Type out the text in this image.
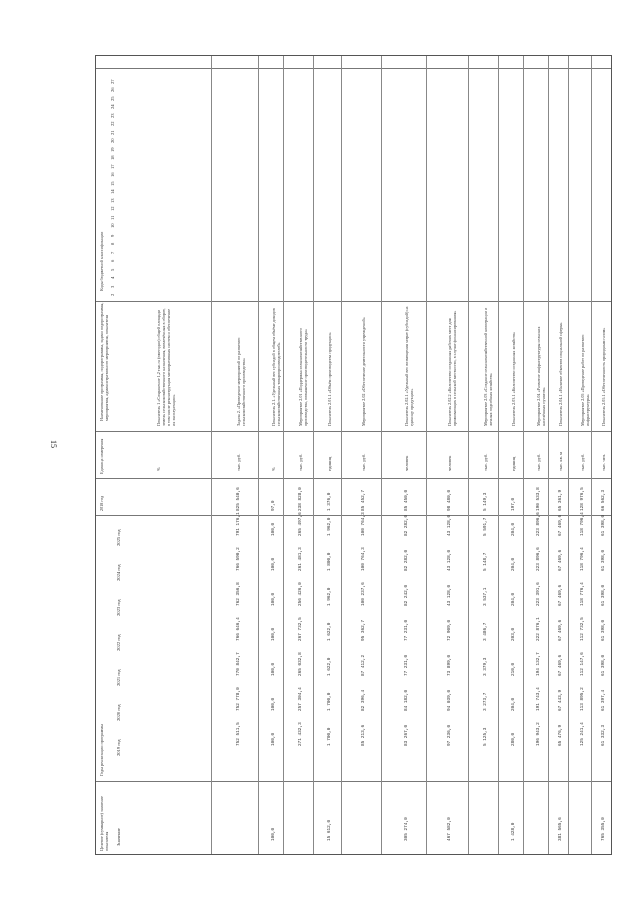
15
Коды бюджетной классификации
Наименование программы, подпрограммы, задачи подпрограммы, мероприятия, административного мероприятия, показателя
Единица измерения
2018 год
Годы реализации программы
Целевое (суммарное) значение показателя
2019 год
2020 год
2021 год
2022 год
2023 год
2024 год
2025 год
Значение
Показатель 1 «Сохранение 1,2 тыс.га (ежегодно) общей площади земель сельскохозяйственного назначения, вовлечённых в оборот, в том числе реконструкция мелиоративных систем и обеспечение их эксплуатации»
%
Задача 2. «Проведение мероприятий по развитию сельскохозяйственного производства»
тыс. руб.
825 540,6
752 511,5
752 778,0
770 842,7
766 646,4
762 356,8
766 590,2
791 176,1
Показатель 2.1. «Удельный вес субсидий в общем объёме доходов сельскохозяйственных товаропроизводителей»
%
97,0
100,0
100,0
100,0
100,0
100,0
100,0
100,0
100,0
Мероприятие 2.01 «Поддержка сельскохозяйственного производства, повышение производительности труда»
тыс. руб.
238 828,0
271 432,3
257 304,4
265 032,8
267 732,5
256 426,0
261 481,3
265 497,6
Показатель 2.01.1 «Объём производства продукции»
единиц
1 376,0
1 700,0
1 700,0
1 622,0
1 622,0
1 962,0
1 800,0
1 962,0
15 612,0
Мероприятие 2.02 «Обеспечение деятельности учреждений»
тыс. руб.
85 452,7
85 213,6
82 396,4
87 412,2
95 362,7
100 237,6
100 764,3
100 764,3
Показатель 2.02.1 «Удельный вес возмещения затрат (субсидий) на единицу продукции»
человек
85 450,0
83 267,0
84 182,0
77 231,0
77 231,0
82 242,0
82 282,0
82 282,0
305 274,0
Показатель 2.02.2 «Количество созданных рабочих мест для проживающих в сельской местности, в случае финансирования»
человек
98 480,0
97 236,0
94 039,0
73 899,0
72 909,0
43 128,0
43 128,0
43 128,0
467 582,0
Мероприятие 2.03 «Создание сельскохозяйственной кооперации и личных подсобных хозяйств»
тыс. руб.
5 149,3
5 125,3
3 273,7
3 379,3
3 486,7
3 537,1
5 148,7
5 591,7
Показатель 2.03.1 «Количество созданных хозяйств»
единиц
197,0
280,0
204,0
210,0
203,0
204,0
204,0
204,0
1 428,0
Мероприятие 2.04 «Развитие инфраструктуры сельских населённых пунктов»
тыс. руб.
190 533,8
196 943,2
191 743,4
194 132,7
222 876,1
223 391,6
223 896,6
223 896,6
Показатель 2.04.1 «Наличие объектов социальной сферы»
тыс. кв. м
65 361,9
65 476,9
67 443,9
67 469,6
67 469,6
67 469,6
67 469,6
67 469,6
381 565,6
Мероприятие 2.05 «Проведение работ по развитию инфраструктуры»
тыс. руб.
128 976,5
125 241,4
113 895,2
112 147,6
112 732,5
118 776,4
118 796,4
118 796,4
Показатель 2.05.1 «Обеспеченность природным газом»
тыс. чел.
66 562,3
61 332,3
61 397,4
61 398,0
61 398,0
61 398,0
61 398,0
61 398,0
765 355,0
2
3
4
5
6
7
8
9
10
11
12
13
14
15
16
17
18
19
20
21
22
23
24
25
26
27
